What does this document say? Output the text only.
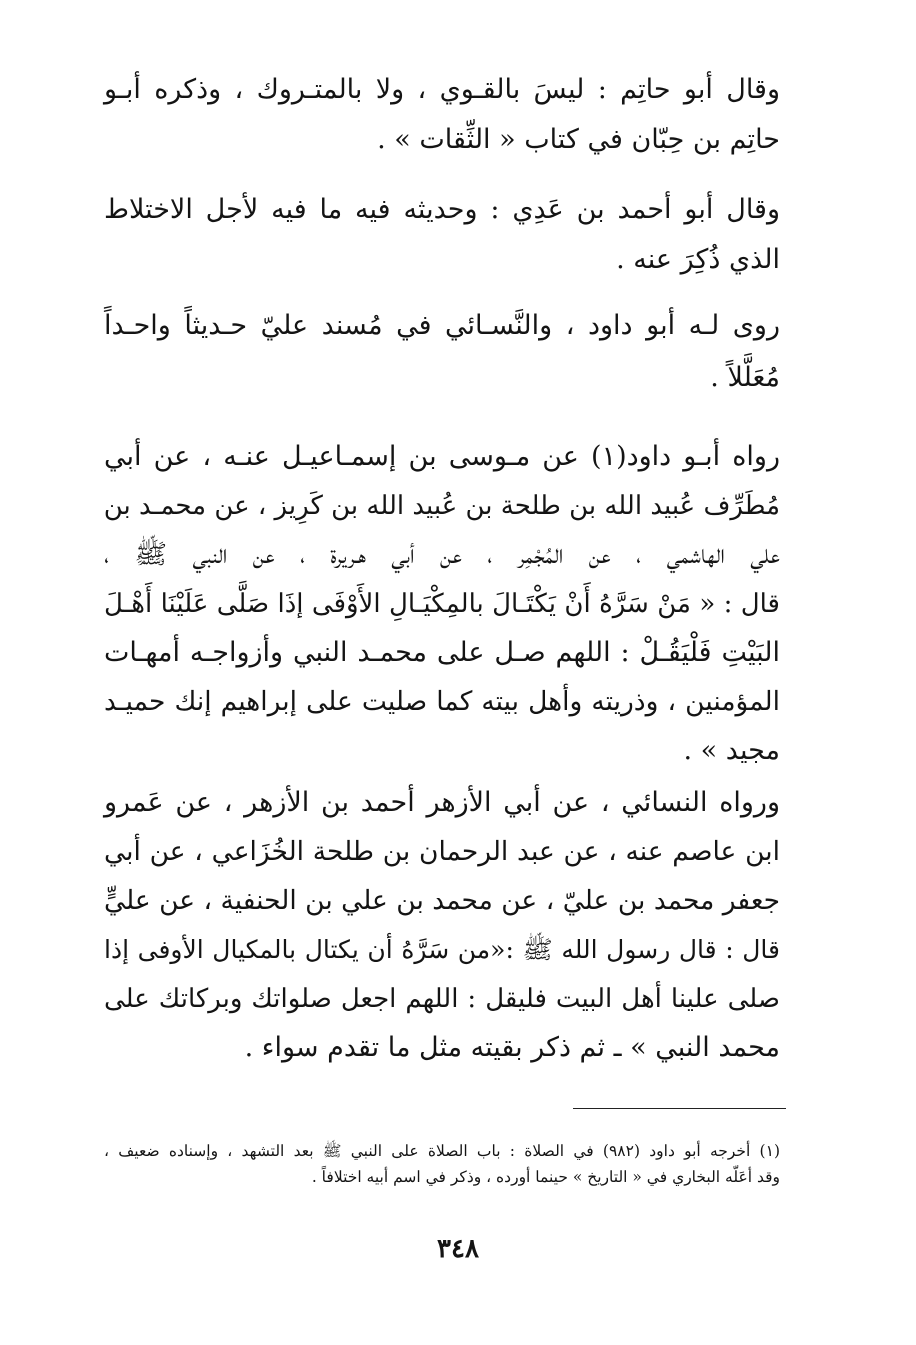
وقال أبو حاتِم : ليسَ بالقـوي ، ولا بالمتـروك ، وذكره أبـو
حاتِم بن حِبّان في كتاب « الثِّقات » .
وقال أبو أحمد بن عَدِي : وحديثه فيه ما فيه لأجل الاختلاط
الذي ذُكِرَ عنه .
روى لـه أبو داود ، والنَّسـائي في مُسند عليّ حـديثاً واحـداً
مُعَلَّلاً .
رواه أبـو داود(١) عن مـوسى بن إسمـاعيـل عنـه ، عن أبي
مُطَرِّف عُبيد الله بن طلحة بن عُبيد الله بن كَرِيز ، عن محمـد بن
علي الهاشمي ، عن المُجْمِر ، عن أبي هـريرة ، عن النبي ﷺ ،
قال : « مَنْ سَرَّهُ أَنْ يَكْتَـالَ بالمِكْيَـالِ الأَوْفَى إذَا صَلَّى عَلَيْنَا أَهْـلَ
البَيْتِ فَلْيَقُـلْ : اللهم صـل على محمـد النبي وأزواجـه أمهـات
المؤمنين ، وذريته وأهل بيته كما صليت على إبراهيم إنك حميـد
مجيد » .
ورواه النسائي ، عن أبي الأزهر أحمد بن الأزهر ، عن عَمرو
ابن عاصم عنه ، عن عبد الرحمان بن طلحة الخُزَاعي ، عن أبي
جعفر محمد بن عليّ ، عن محمد بن علي بن الحنفية ، عن عليٍّ
قال : قال رسول الله ﷺ :«من سَرَّهُ أن يكتال بالمكيال الأوفى إذا
صلى علينا أهل البيت فليقل : اللهم اجعل صلواتك وبركاتك على
محمد النبي » ـ ثم ذكر بقيته مثل ما تقدم سواء .
(١) أخرجه أبو داود (٩٨٢) في الصلاة : باب الصلاة على النبي ﷺ بعد التشهد ، وإسناده ضعيف ،
وقد أعَلّه البخاري في « التاريخ » حينما أورده ، وذكر في اسم أبيه اختلافاً .
٣٤٨
